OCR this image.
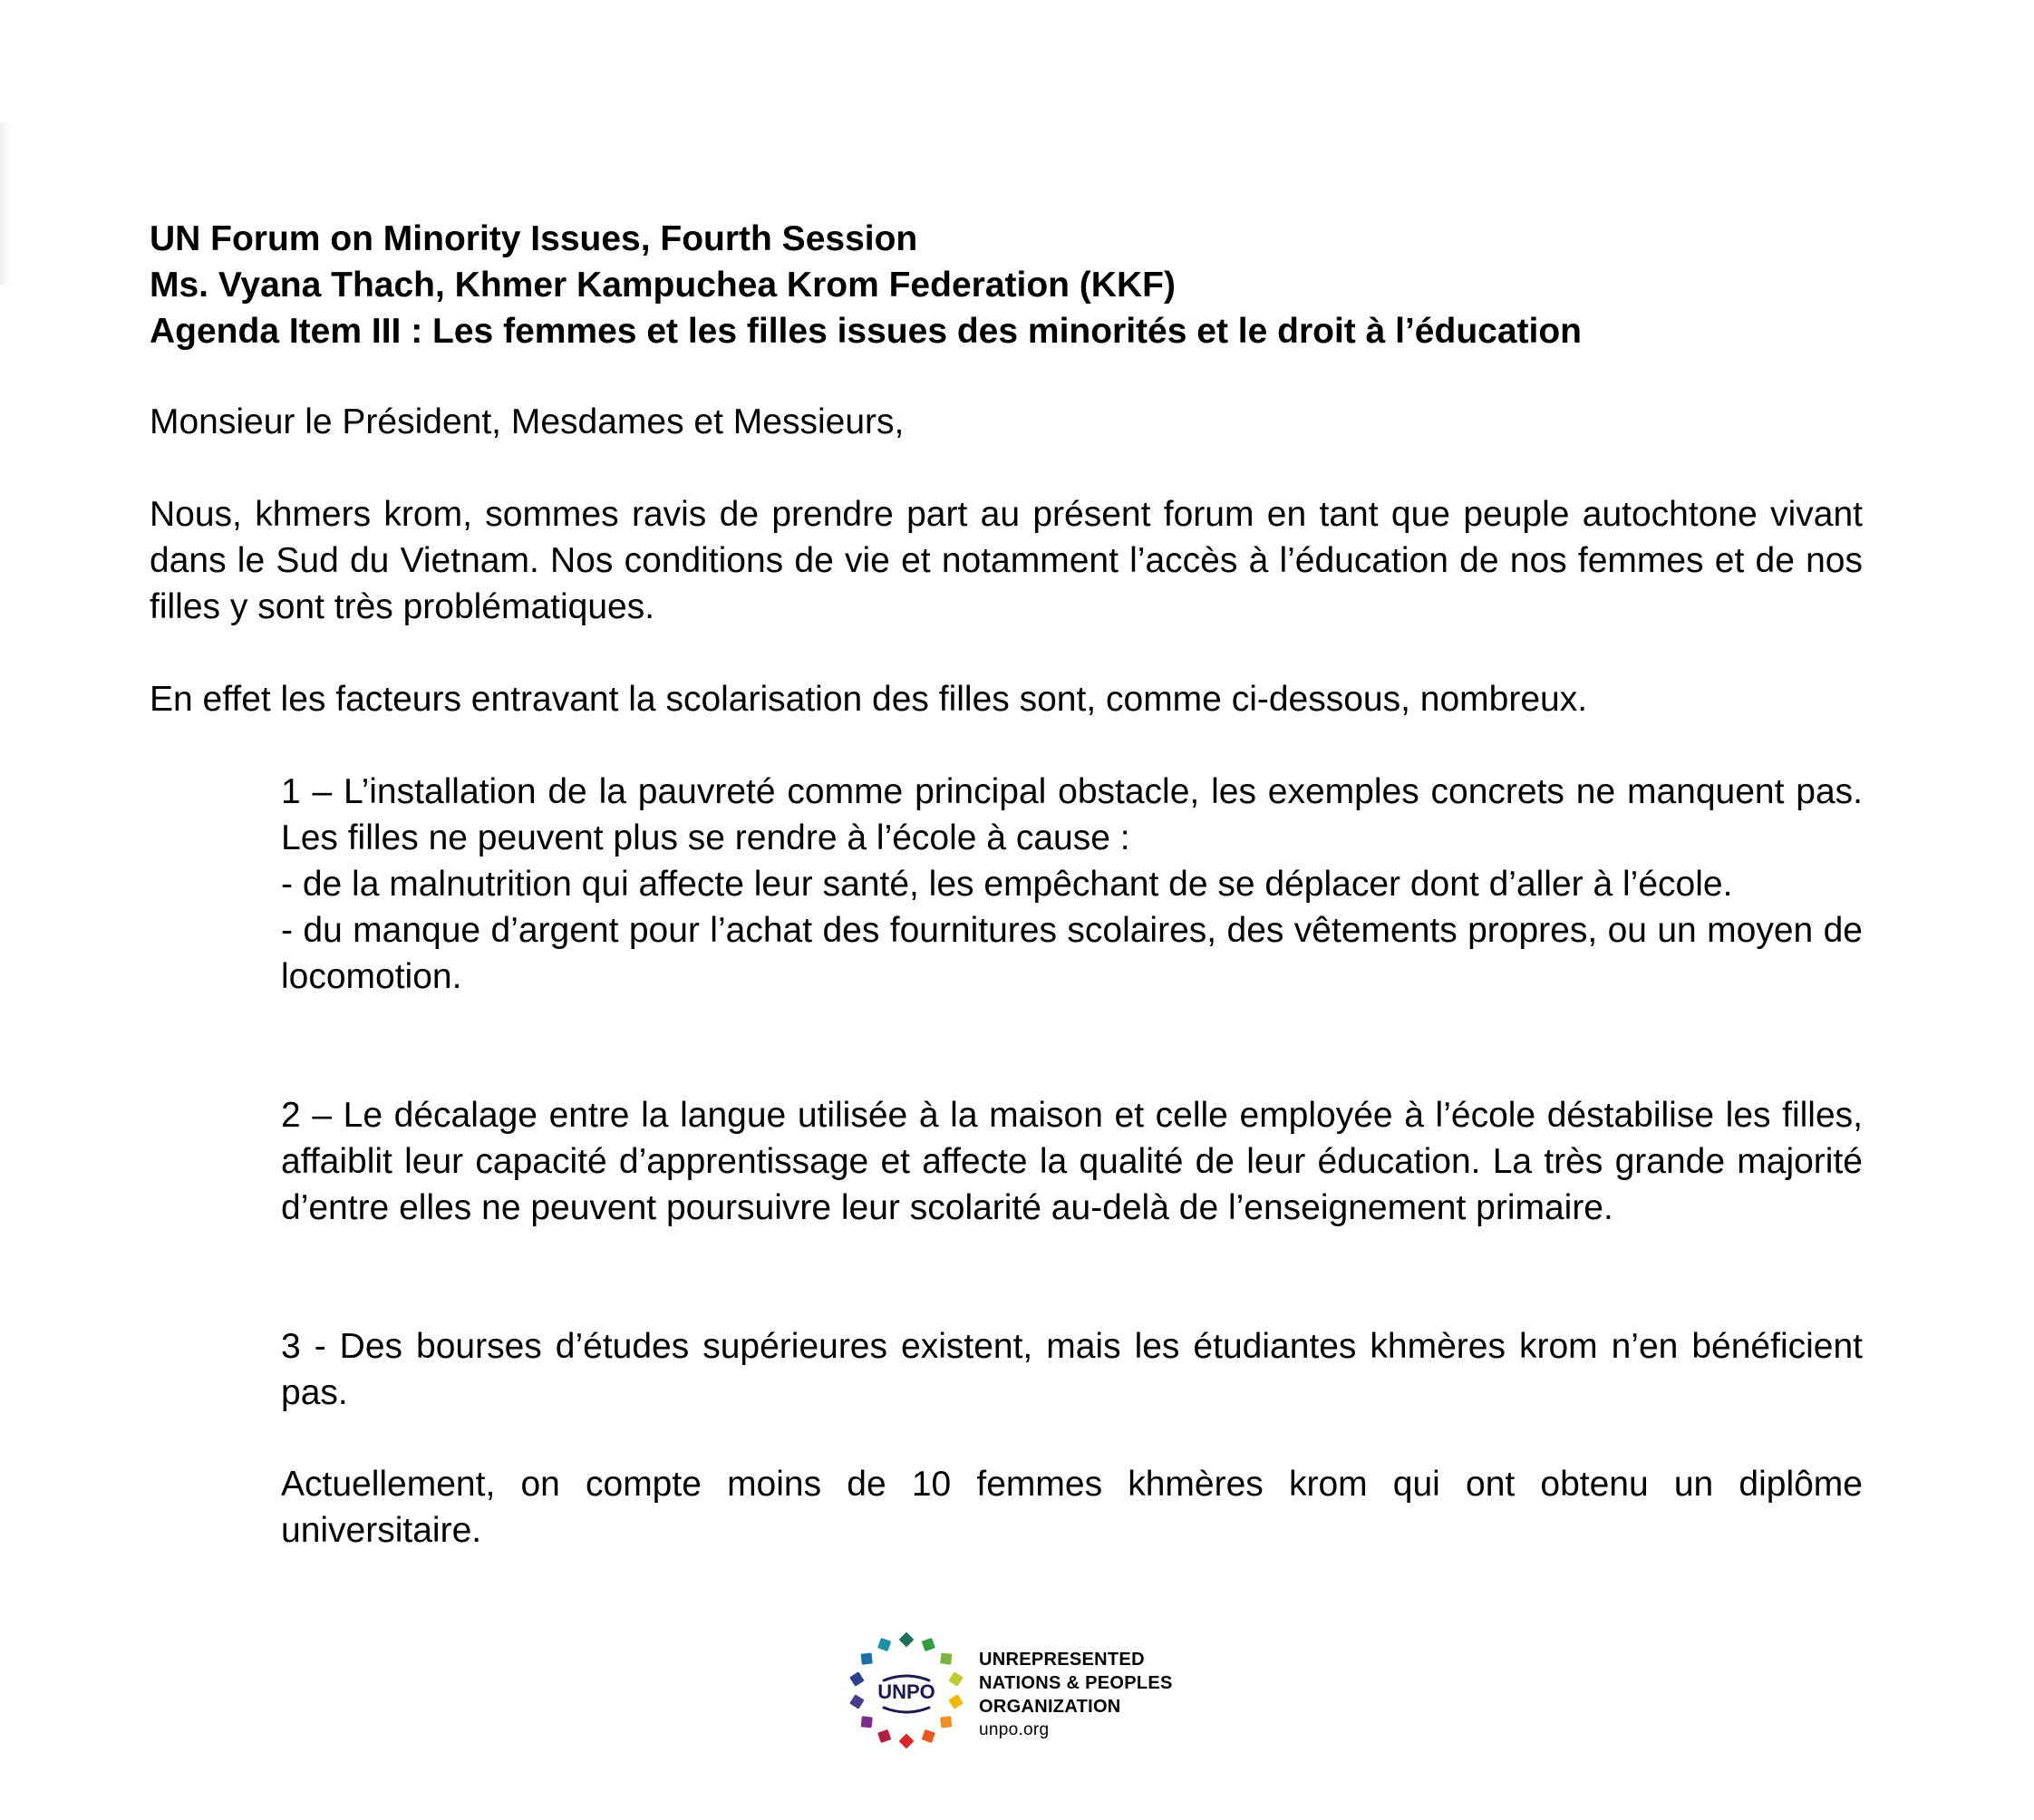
UN Forum on Minority Issues, Fourth Session
Ms. Vyana Thach, Khmer Kampuchea Krom Federation (KKF)
Agenda Item III : Les femmes et les filles issues des minorités et le droit à l’éducation

Monsieur le Président, Mesdames et Messieurs,

Nous, khmers krom, sommes ravis de prendre part au présent forum en tant que peuple autochtone vivant dans le Sud du Vietnam. Nos conditions de vie et notamment l’accès à l’éducation de nos femmes et de nos filles y sont très problématiques.

En effet les facteurs entravant la scolarisation des filles sont, comme ci-dessous, nombreux.

1 – L’installation de la pauvreté comme principal obstacle, les exemples concrets ne manquent pas. Les filles ne peuvent plus se rendre à l’école à cause :
- de la malnutrition qui affecte leur santé, les empêchant de se déplacer dont d’aller à l’école.
- du manque d’argent pour l’achat des fournitures scolaires, des vêtements propres, ou un moyen de locomotion.

2 – Le décalage entre la langue utilisée à la maison et celle employée à l’école déstabilise les filles, affaiblit leur capacité d’apprentissage et affecte la qualité de leur éducation. La très grande majorité d’entre elles ne peuvent poursuivre leur scolarité au-delà de l’enseignement primaire.

3 - Des bourses d’études supérieures existent, mais les étudiantes khmères krom n’en bénéficient pas.

Actuellement, on compte moins de 10 femmes khmères krom qui ont obtenu un diplôme universitaire.

UNPO
UNREPRESENTED
NATIONS & PEOPLES
ORGANIZATION
unpo.org
